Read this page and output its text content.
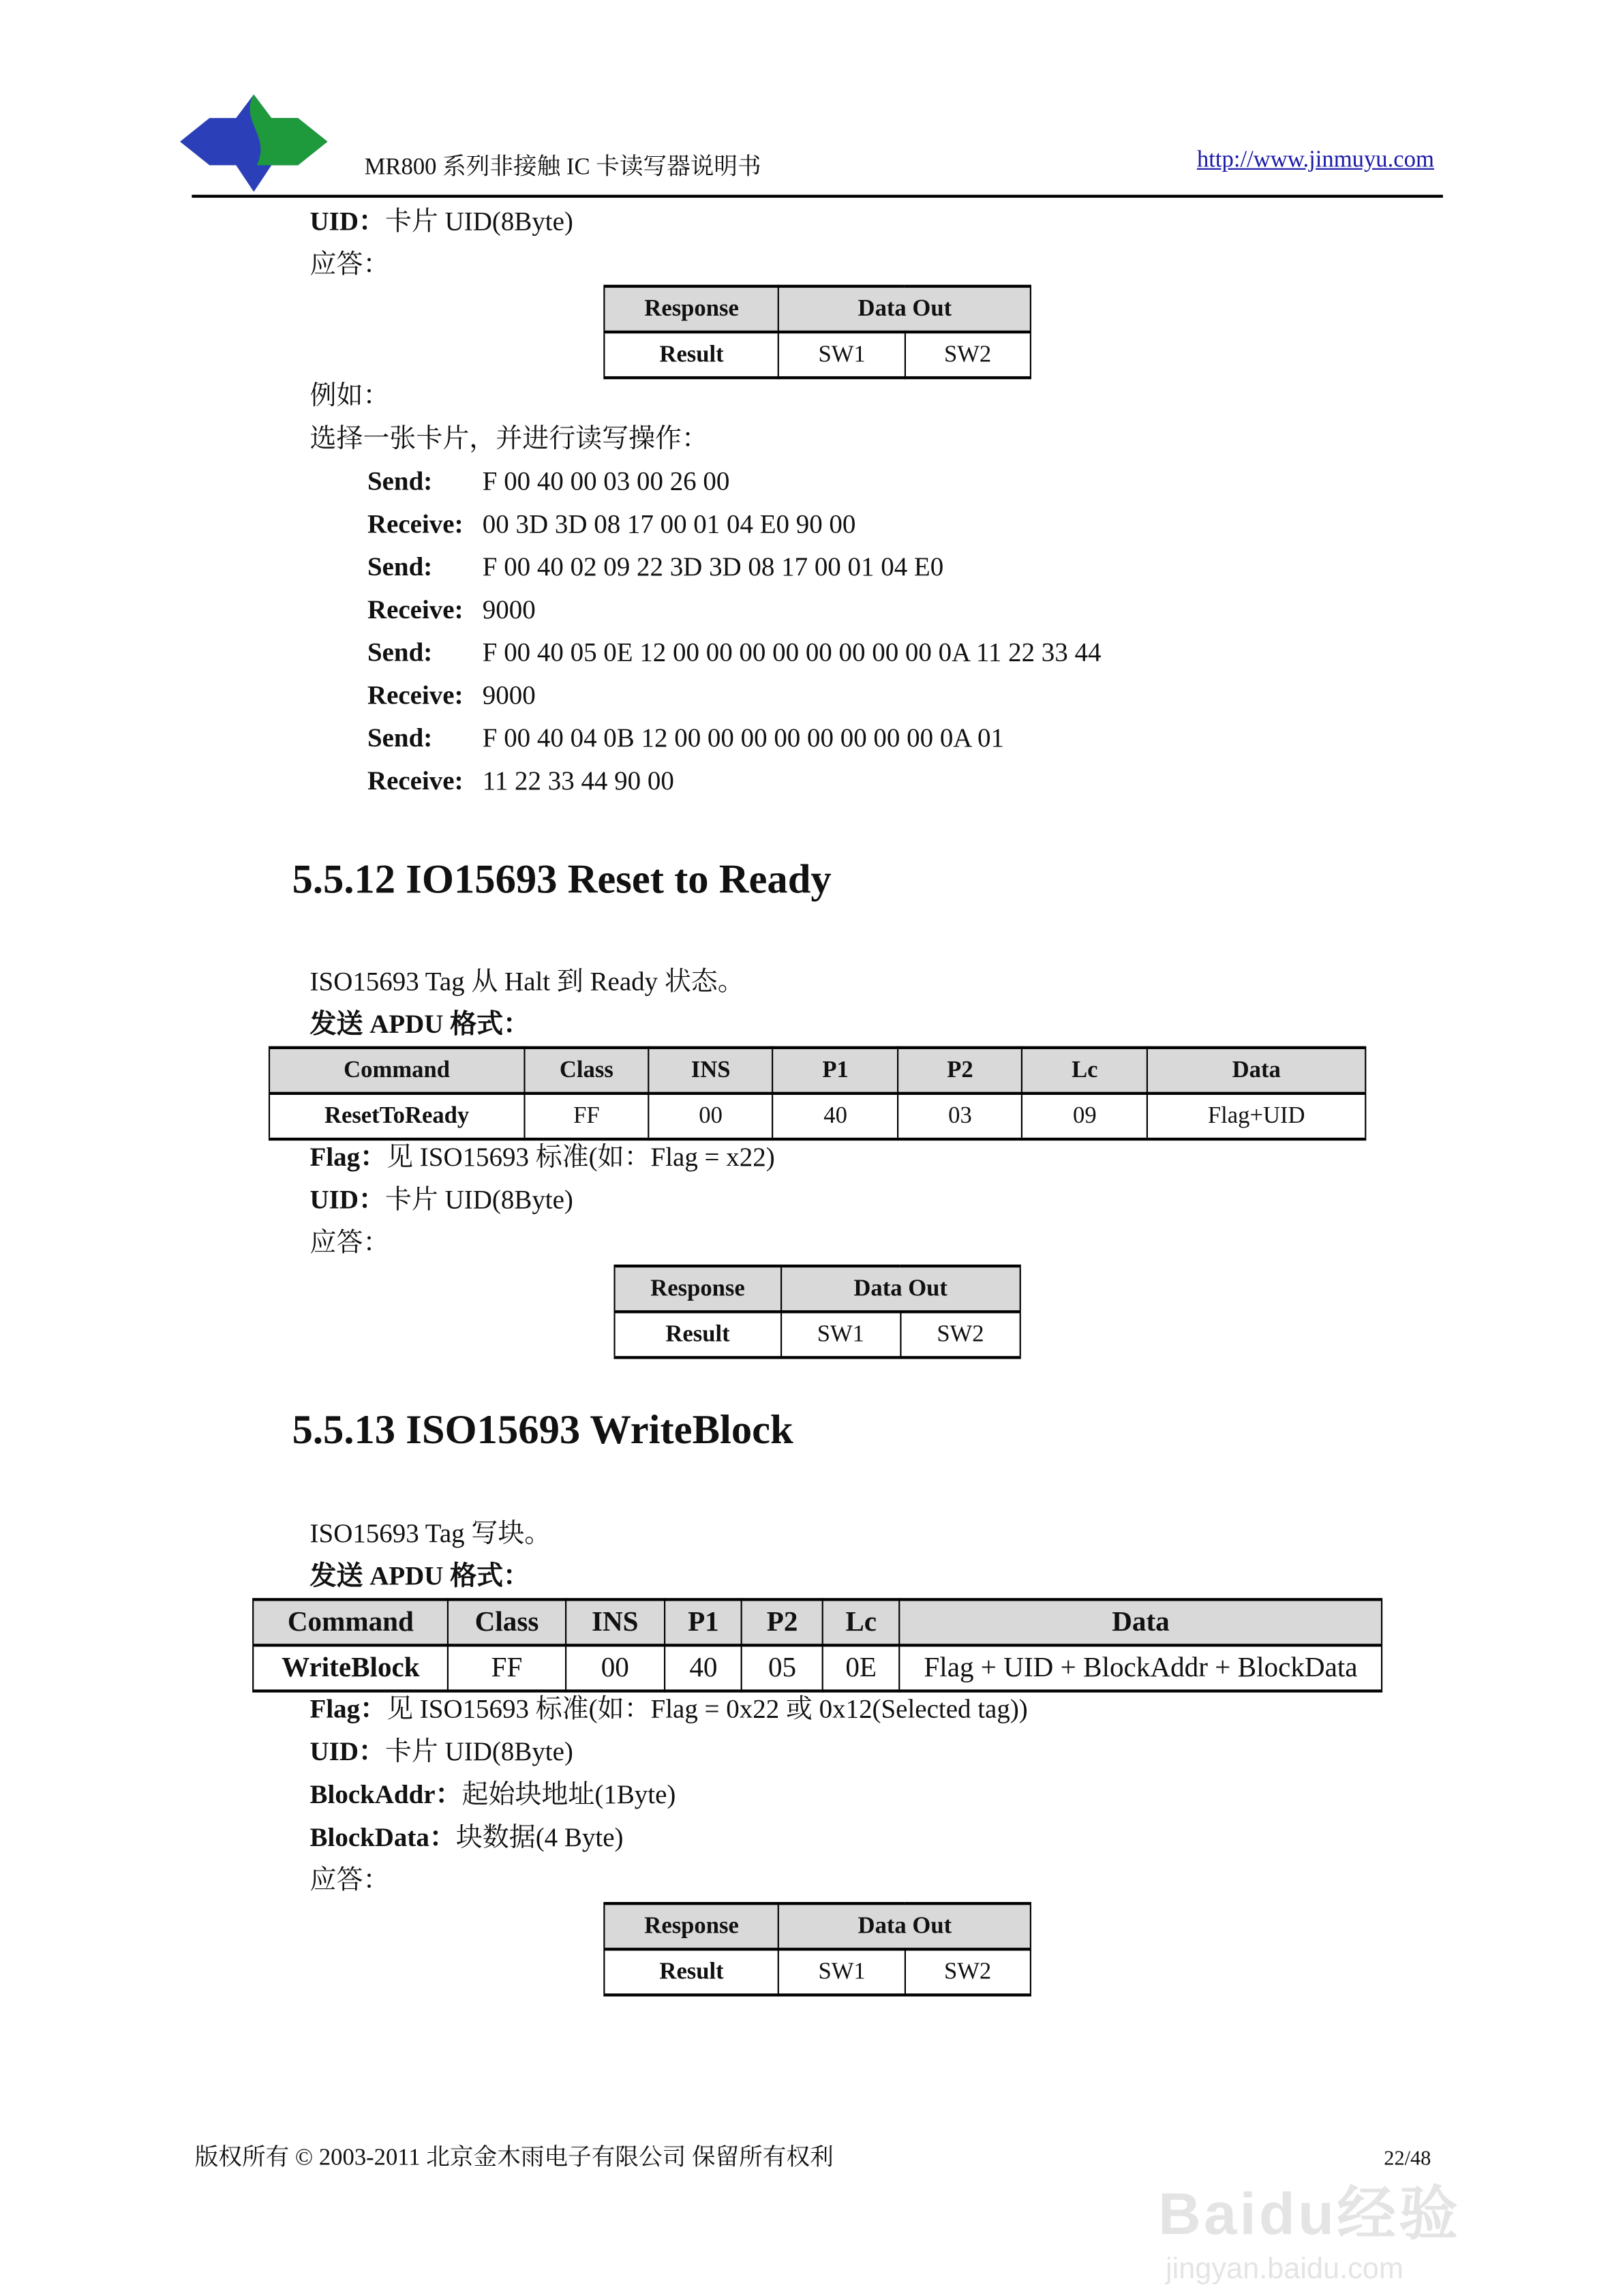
MR800 系列非接触 IC 卡读写器说明书	http://www.jinmuyu.com
UID：卡片 UID(8Byte)
应答：
Response	Data Out	
Result	SW1	SW2
例如：
选择一张卡片，并进行读写操作：
Send:	F 00 40 00 03 00 26 00
Receive: 00 3D 3D 08 17 00 01 04 E0 90 00
Send:	F 00 40 02 09 22 3D 3D 08 17 00 01 04 E0
Receive: 9000
Send:	F 00 40 05 0E 12 00 00 00 00 00 00 00 00 0A 11 22 33 44
Receive: 9000
Send:	F 00 40 04 0B 12 00 00 00 00 00 00 00 00 0A 01
Receive: 11 22 33 44 90 00
5.5.12 IO15693 Reset to Ready
ISO15693 Tag 从 Halt 到 Ready 状态。
发送 APDU 格式：
Command	Class	INS	P1	P2	Lc	Data
ResetToReady	FF	00	40	03	09	Flag+UID
Flag：见 ISO15693 标准(如：Flag = x22)
UID：卡片 UID(8Byte)
应答：
Response	Data Out	
Result	SW1	SW2
5.5.13 ISO15693 WriteBlock
ISO15693 Tag 写块。
发送 APDU 格式：
Command	Class	INS	P1	P2	Lc	Data
WriteBlock	FF	00	40	05	0E	Flag + UID + BlockAddr + BlockData
Flag：见 ISO15693 标准(如：Flag = 0x22 或 0x12(Selected tag))
UID：卡片 UID(8Byte)
BlockAddr：起始块地址(1Byte)
BlockData：块数据(4 Byte)
应答：
Response	Data Out	
Result	SW1	SW2
版权所有 © 2003-2011 北京金木雨电子有限公司 保留所有权利	22/48
Baidu经验
jingyan.baidu.com
